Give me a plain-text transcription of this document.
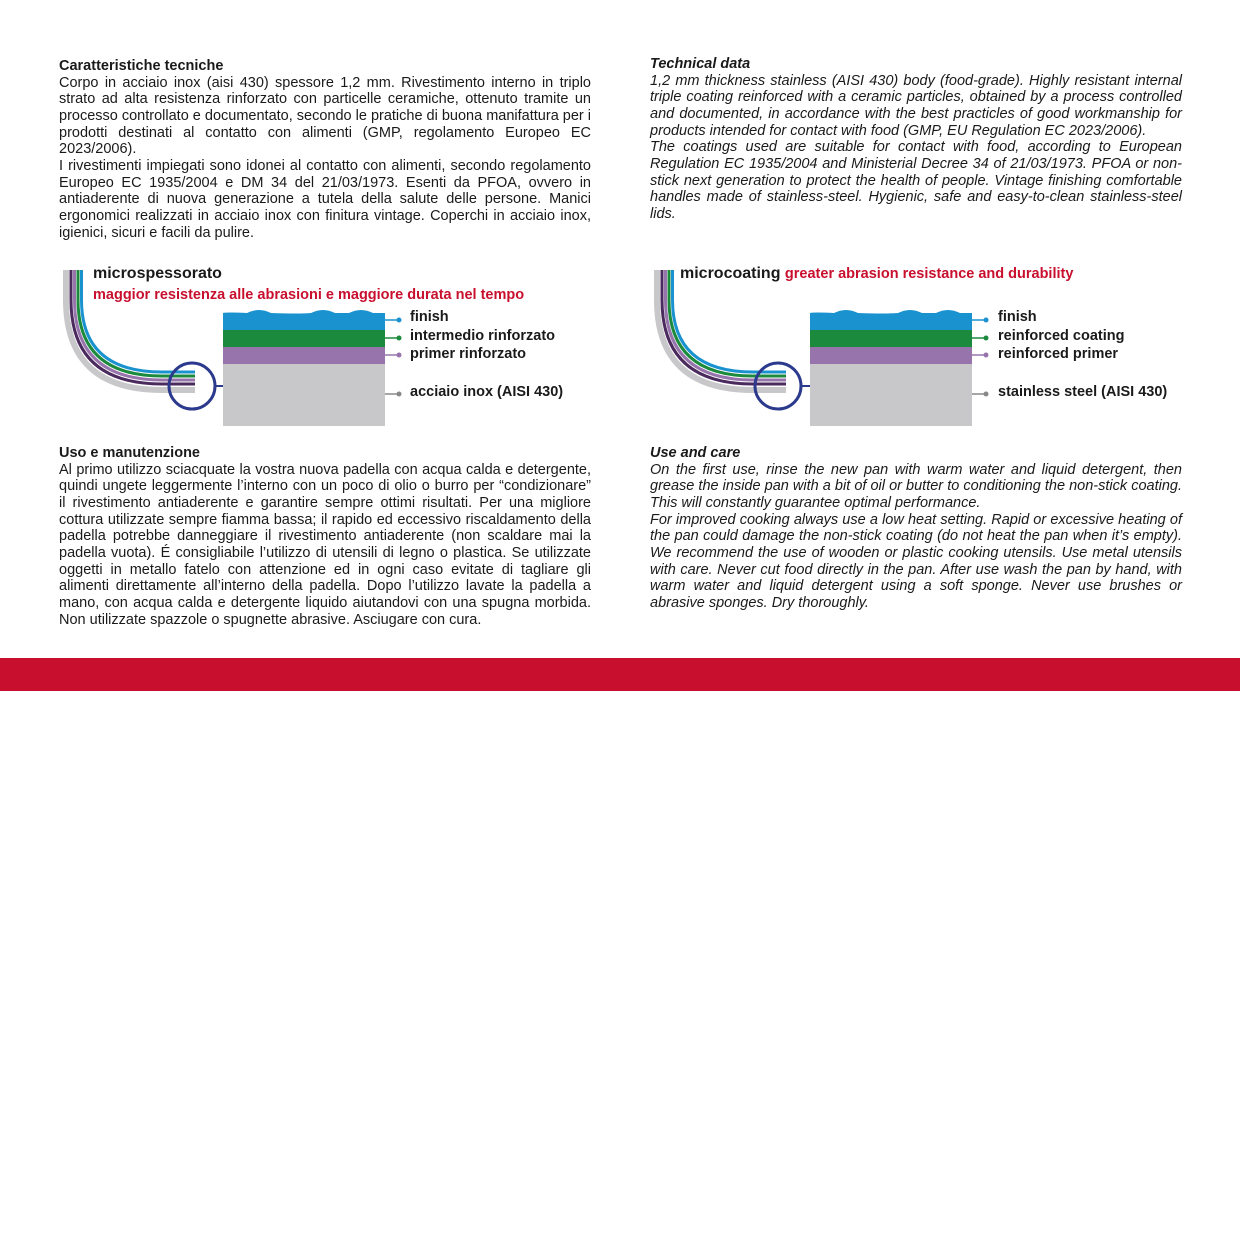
Caratteristiche tecniche

Corpo in acciaio inox (aisi 430) spessore 1,2 mm. Rivestimento interno in triplo strato ad alta resistenza rinforzato con particelle ceramiche, ottenuto tramite un processo controllato e documentato, secondo le pratiche di buona manifattura per i prodotti destinati al contatto con alimenti (GMP, regolamento Europeo EC 2023/2006).

I rivestimenti impiegati sono idonei al contatto con alimenti, secondo regolamento Europeo EC 1935/2004 e DM 34 del 21/03/1973. Esenti da PFOA, ovvero in antiaderente di nuova generazione a tutela della salute delle persone. Manici ergonomici realizzati in acciaio inox con finitura vintage. Coperchi in acciaio inox, igienici, sicuri e facili da pulire.

Technical data

1,2 mm thickness stainless (AISI 430) body (food-grade). Highly resistant internal triple coating reinforced with a ceramic particles, obtained by a process controlled and documented, in accordance with the best practicles of good workmanship for products intended for contact with food (GMP, EU Regulation EC 2023/2006).

The coatings used are suitable for contact with food, according to European Regulation EC 1935/2004 and Ministerial Decree 34 of 21/03/1973. PFOA or non-stick next generation to protect the health of people. Vintage finishing comfortable handles made of stainless-steel. Hygienic, safe and easy-to-clean stainless-steel lids.

microspessorato
maggior resistenza alle abrasioni e maggiore durata nel tempo
finish
intermedio rinforzato
primer rinforzato
acciaio inox (AISI 430)
microcoating greater abrasion resistance and durability
finish
reinforced coating
reinforced primer
stainless steel (AISI 430)
Uso e manutenzione

Al primo utilizzo sciacquate la vostra nuova padella con acqua calda e detergente, quindi ungete leggermente l’interno con un poco di olio o burro per “condizionare” il rivestimento antiaderente e garantire sempre ottimi risultati. Per una migliore cottura utilizzate sempre fiamma bassa; il rapido ed eccessivo riscaldamento della padella potrebbe danneggiare il rivestimento antiaderente (non scaldare mai la padella vuota). É consigliabile l’utilizzo di utensili di legno o plastica. Se utilizzate oggetti in metallo fatelo con attenzione ed in ogni caso evitate di tagliare gli alimenti direttamente all’interno della padella. Dopo l’utilizzo lavate la padella a mano, con acqua calda e detergente liquido aiutandovi con una spugna morbida. Non utilizzate spazzole o spugnette abrasive. Asciugare con cura.

Use and care

On the first use, rinse the new pan with warm water and liquid detergent, then grease the inside pan with a bit of oil or butter to conditioning the non-stick coating. This will constantly guarantee optimal performance.

For improved cooking always use a low heat setting. Rapid or excessive heating of the pan could damage the non-stick coating (do not heat the pan when it’s empty). We recommend the use of wooden or plastic cooking utensils. Use metal utensils with care. Never cut food directly in the pan. After use wash the pan by hand, with warm water and liquid detergent using a soft sponge. Never use brushes or abrasive sponges. Dry thoroughly.
